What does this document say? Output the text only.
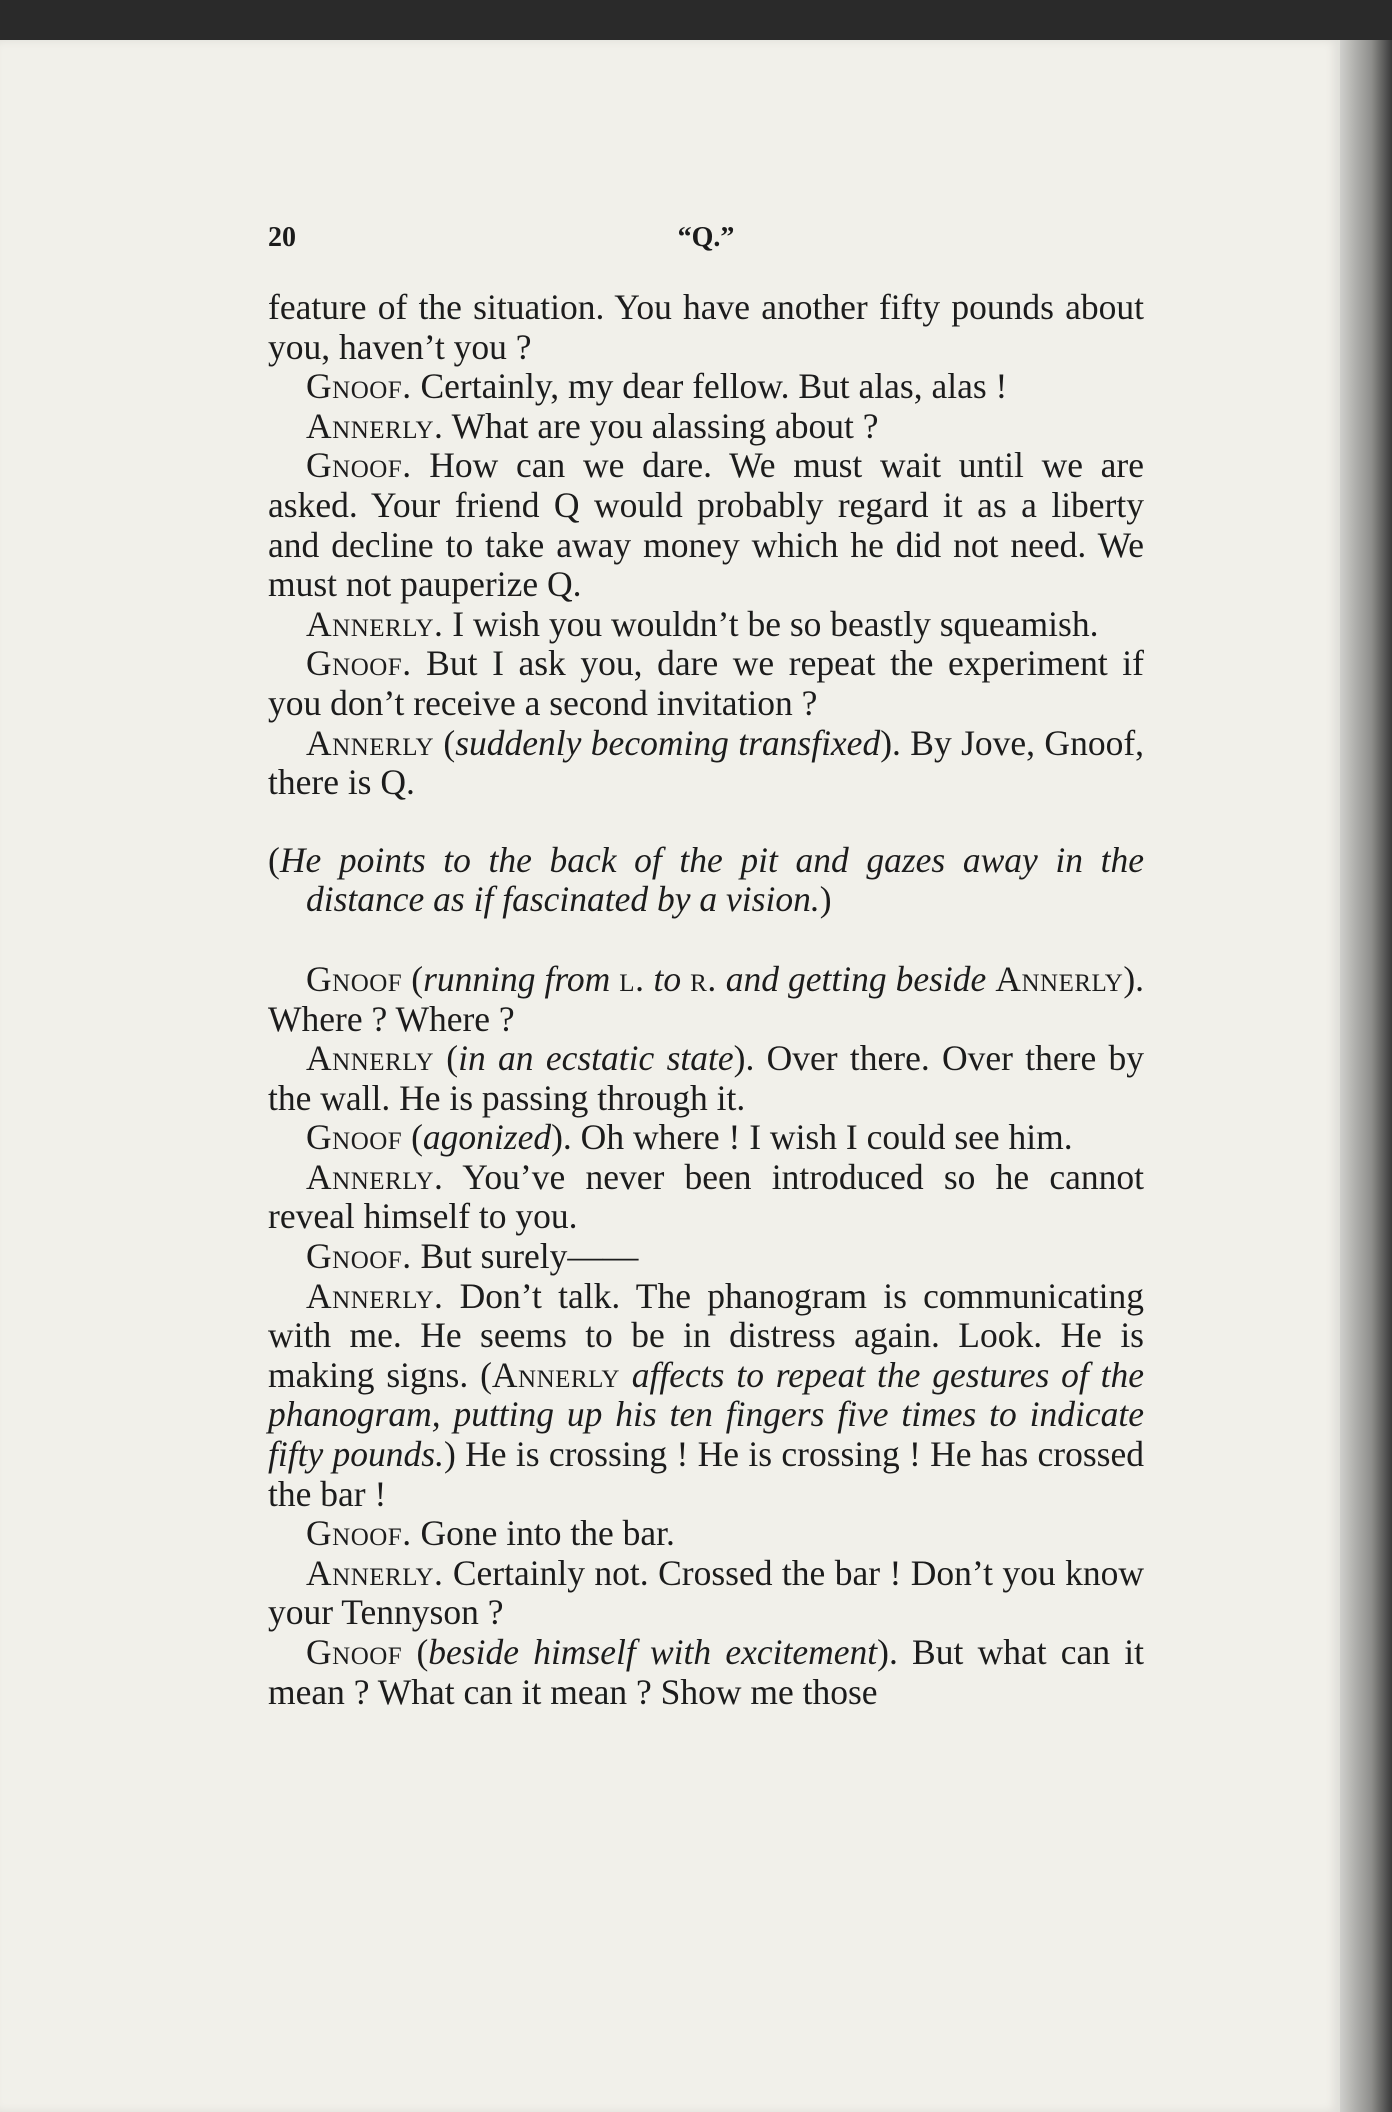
20	“Q.”

feature of the situation. You have another fifty pounds about you, haven’t you ?

Gnoof. Certainly, my dear fellow. But alas, alas !

Annerly. What are you alassing about ?

Gnoof. How can we dare. We must wait until we are asked. Your friend Q would probably regard it as a liberty and decline to take away money which he did not need. We must not pauperize Q.

Annerly. I wish you wouldn’t be so beastly squeamish.

Gnoof. But I ask you, dare we repeat the experiment if you don’t receive a second invitation ?

Annerly (suddenly becoming transfixed). By Jove, Gnoof, there is Q.

(He points to the back of the pit and gazes away in the distance as if fascinated by a vision.)

Gnoof (running from l. to r. and getting beside Annerly). Where ? Where ?

Annerly (in an ecstatic state). Over there. Over there by the wall. He is passing through it.

Gnoof (agonized). Oh where ! I wish I could see him.

Annerly. You’ve never been introduced so he cannot reveal himself to you.

Gnoof. But surely——

Annerly. Don’t talk. The phanogram is communicating with me. He seems to be in distress again. Look. He is making signs. (Annerly affects to repeat the gestures of the phanogram, putting up his ten fingers five times to indicate fifty pounds.) He is crossing ! He is crossing ! He has crossed the bar !

Gnoof. Gone into the bar.

Annerly. Certainly not. Crossed the bar ! Don’t you know your Tennyson ?

Gnoof (beside himself with excitement). But what can it mean ? What can it mean ? Show me those
